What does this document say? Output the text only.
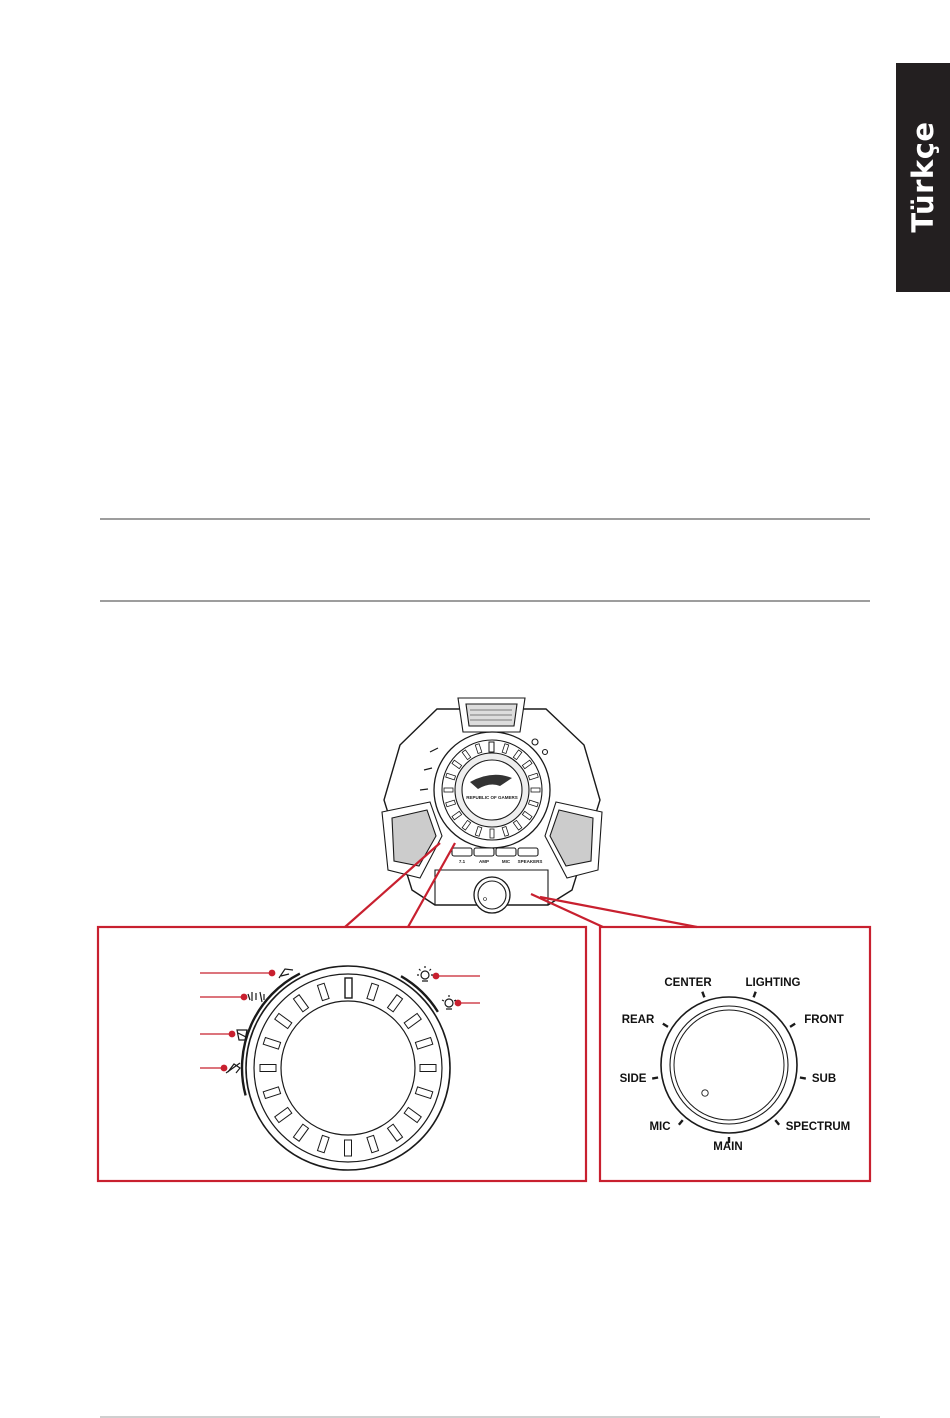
Türkçe
REPUBLIC OF GAMERS
7.1	AMP	MIC SPEAKERS
CENTER	LIGHTING
REAR	FRONT
SIDE	SUB
MIC
MAIN
SPECTRUM
